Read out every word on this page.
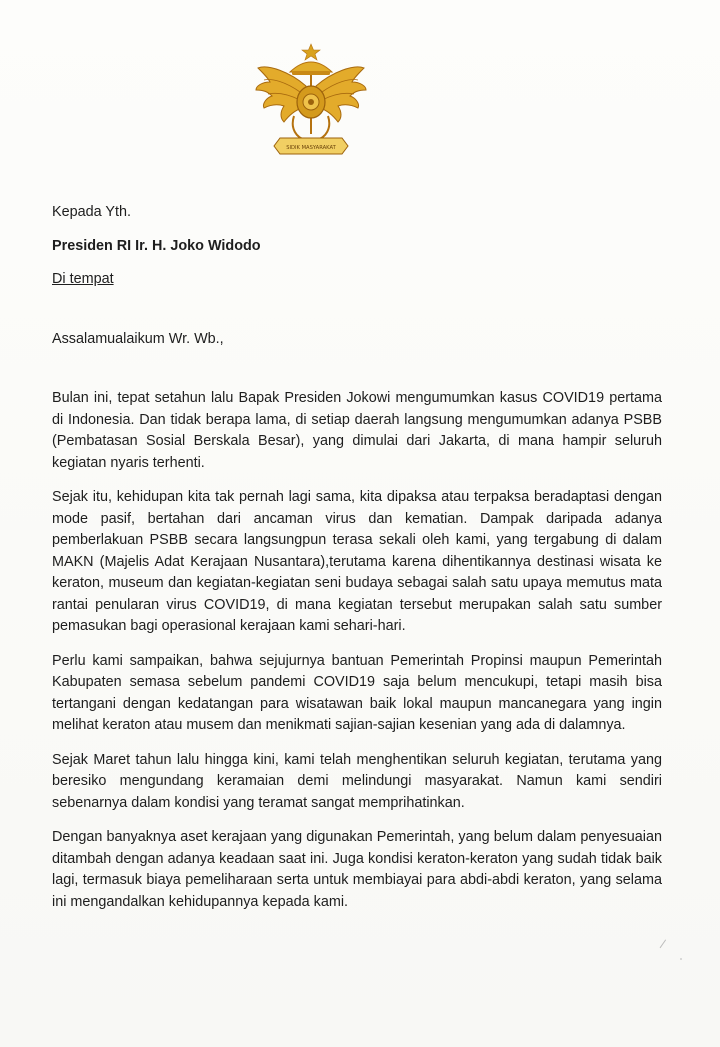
SIDIK MASYARAKAT

Kepada Yth.

Presiden RI Ir. H. Joko Widodo

Di tempat

Assalamualaikum Wr. Wb.,

Bulan ini, tepat setahun lalu Bapak Presiden Jokowi mengumumkan kasus COVID19 pertama di Indonesia. Dan tidak berapa lama, di setiap daerah langsung mengumumkan adanya PSBB (Pembatasan Sosial Berskala Besar), yang dimulai dari Jakarta, di mana hampir seluruh kegiatan nyaris terhenti.

Sejak itu, kehidupan kita tak pernah lagi sama, kita dipaksa atau terpaksa beradaptasi dengan mode pasif, bertahan dari ancaman virus dan kematian. Dampak daripada adanya pemberlakuan PSBB secara langsungpun terasa sekali oleh kami, yang tergabung di dalam MAKN (Majelis Adat Kerajaan Nusantara),terutama karena dihentikannya destinasi wisata ke keraton, museum dan kegiatan-kegiatan seni budaya sebagai salah satu upaya memutus mata rantai penularan virus COVID19, di mana kegiatan tersebut merupakan salah satu sumber pemasukan bagi operasional kerajaan kami sehari-hari.

Perlu kami sampaikan, bahwa sejujurnya bantuan Pemerintah Propinsi maupun Pemerintah Kabupaten semasa sebelum pandemi COVID19 saja belum mencukupi, tetapi masih bisa tertangani dengan kedatangan para wisatawan baik lokal maupun mancanegara yang ingin melihat keraton atau musem dan menikmati sajian-sajian kesenian yang ada di dalamnya.

Sejak Maret tahun lalu hingga kini, kami telah menghentikan seluruh kegiatan, terutama yang beresiko mengundang keramaian demi melindungi masyarakat. Namun kami sendiri sebenarnya dalam kondisi yang teramat sangat memprihatinkan.

Dengan banyaknya aset kerajaan yang digunakan Pemerintah, yang belum dalam penyesuaian ditambah dengan adanya keadaan saat ini. Juga kondisi keraton-keraton yang sudah tidak baik lagi, termasuk biaya pemeliharaan serta untuk membiayai para abdi-abdi keraton, yang selama ini mengandalkan kehidupannya kepada kami.
